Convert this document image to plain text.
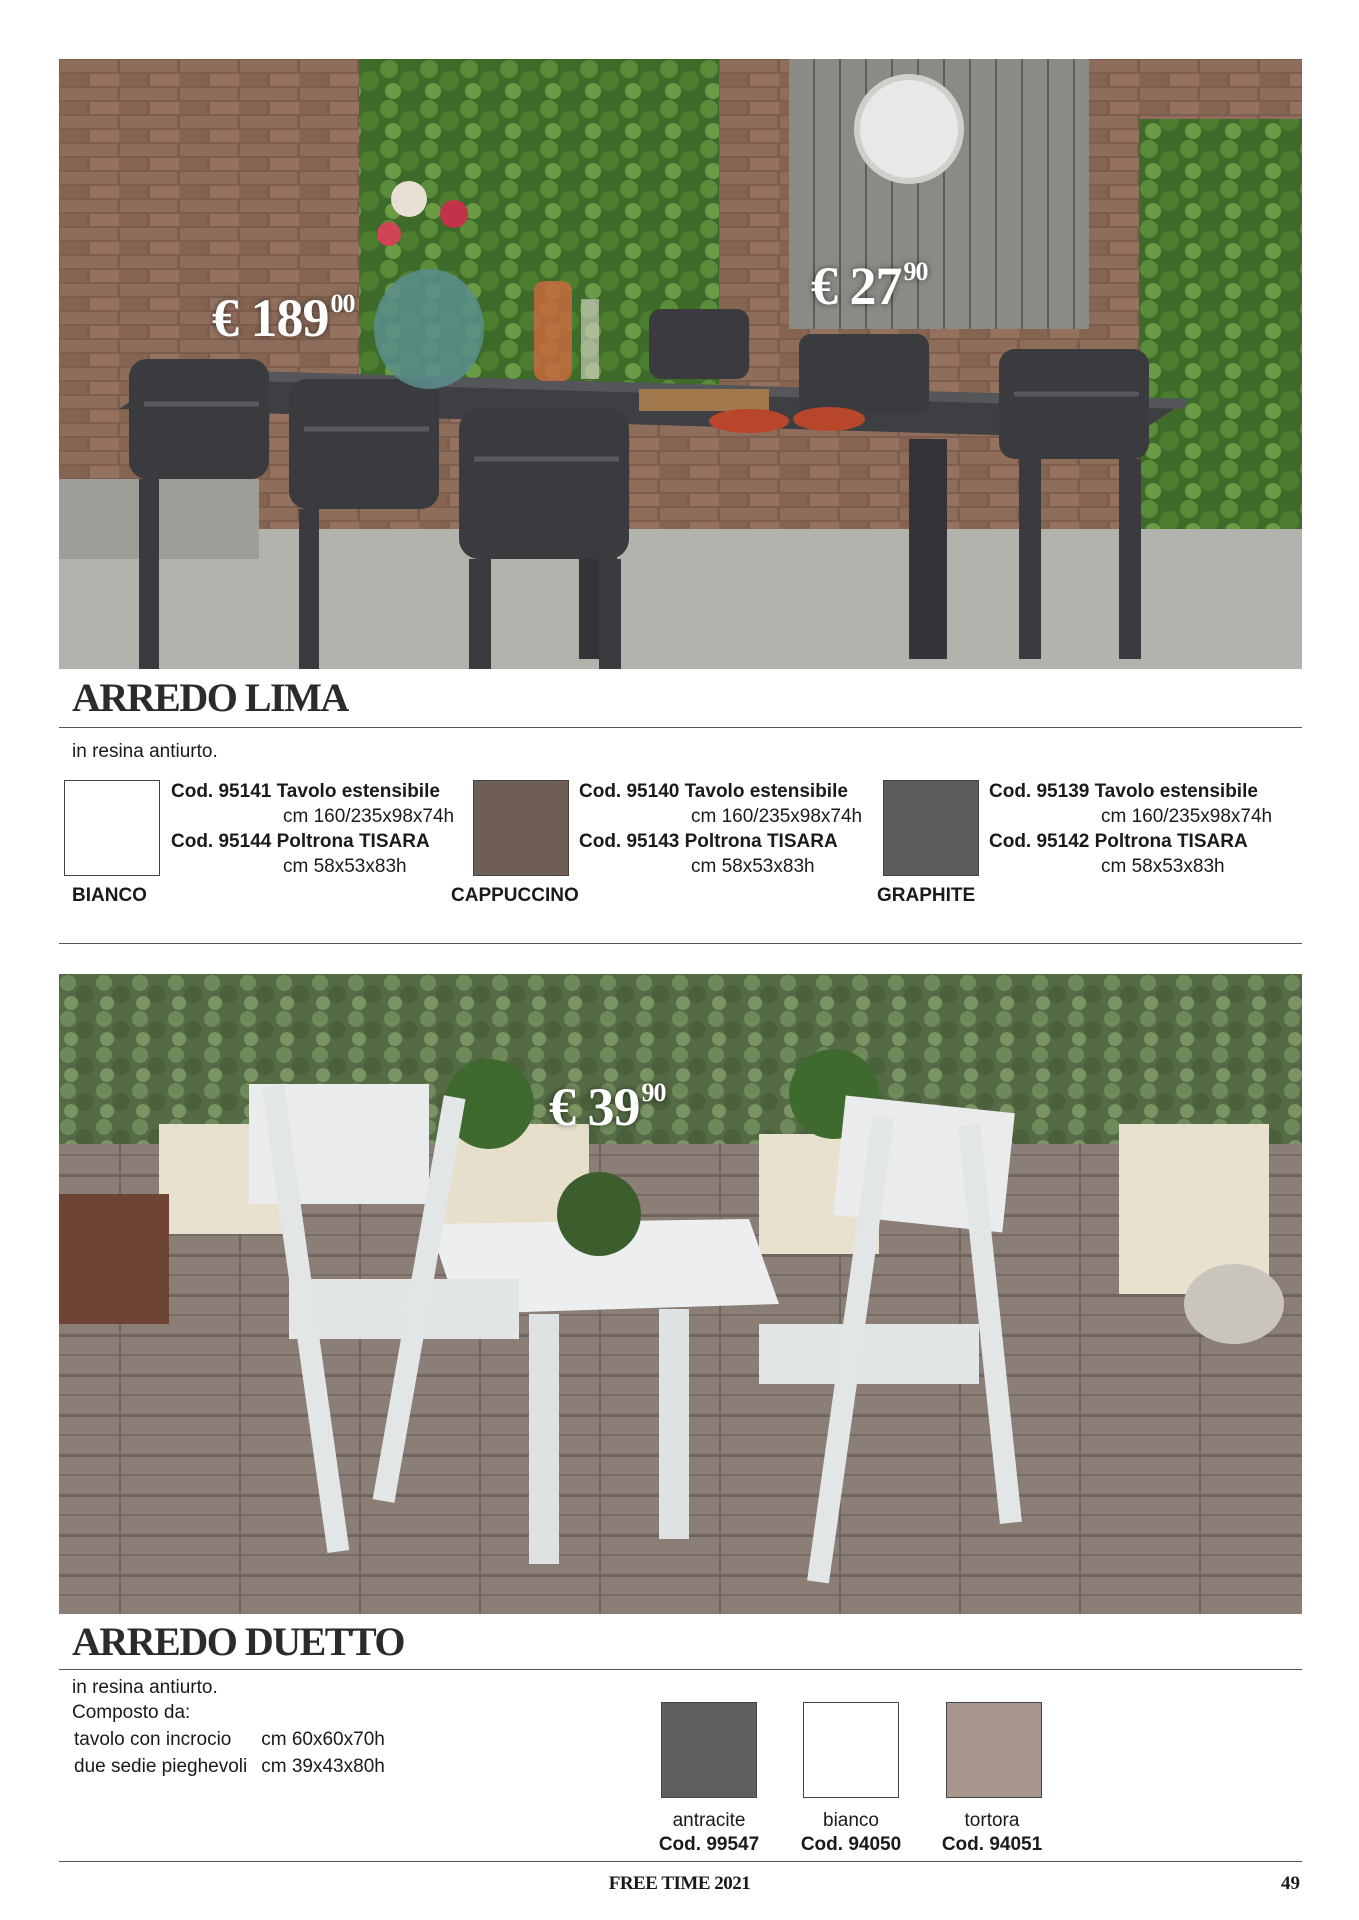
€ $189^{00}$	€ $27^{90}$
ARREDO LIMA
in resina antiurto.
BIANCO
Cod. 95141 Tavolo estensibile
cm 160/235x98x74h
Cod. 95144 Poltrona TISARA
cm 58x53x83h
CAPPUCCINO
Cod. 95140 Tavolo estensibile
cm 160/235x98x74h
Cod. 95143 Poltrona TISARA
cm 58x53x83h
GRAPHITE
Cod. 95139 Tavolo estensibile
cm 160/235x98x74h
Cod. 95142 Poltrona TISARA
cm 58x53x83h
€ $39^{90}$
ARREDO DUETTO
in resina antiurto.
Composto da:
tavolo con incrocio	cm 60x60x70h
due sedie pieghevoli	cm 39x43x80h
antracite
Cod. 99547
bianco
Cod. 94050
tortora
Cod. 94051
FREE TIME 2021	49
